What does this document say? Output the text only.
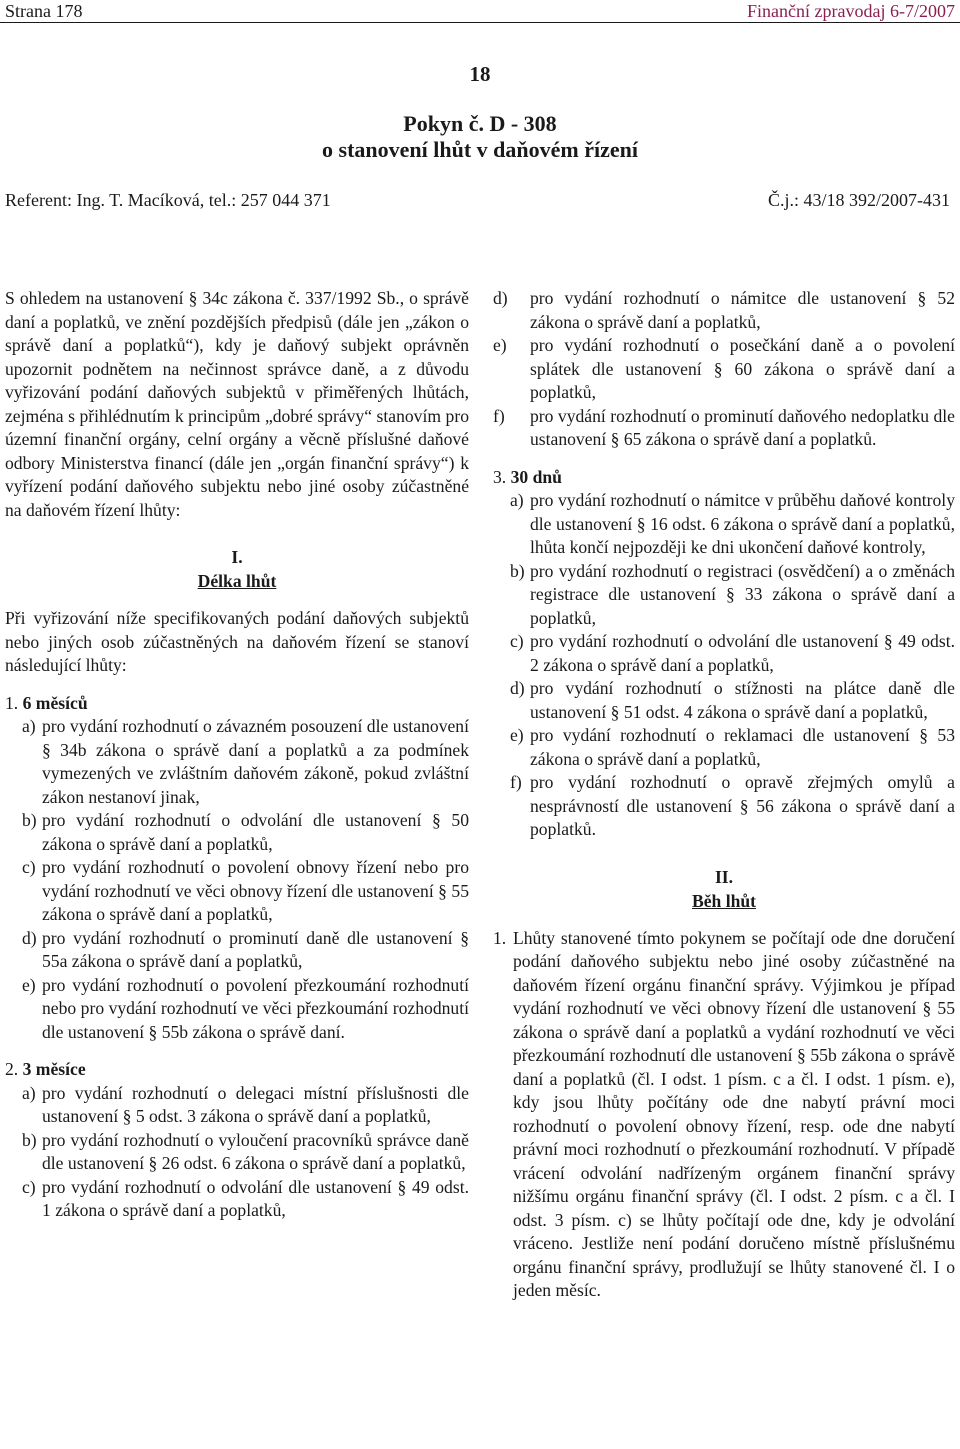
Strana 178	Finanční zpravodaj 6-7/2007
18
Pokyn č. D - 308
o stanovení lhůt v daňovém řízení
Referent: Ing. T. Macíková, tel.: 257 044 371	Č.j.: 43/18 392/2007-431

S ohledem na ustanovení § 34c zákona č. 337/1992 Sb., o správě daní a poplatků, ve znění pozdějších předpisů (dále jen „zákon o správě daní a poplatků“), kdy je daňový subjekt oprávněn upozornit podnětem na nečinnost správce daně, a z důvodu vyřizování podání daňových subjektů v přiměřených lhůtách, zejména s přihlédnutím k principům „dobré správy“ stanovím pro územní finanční orgány, celní orgány a věcně příslušné daňové odbory Ministerstva financí (dále jen „orgán finanční správy“) k vyřízení podání daňového subjektu nebo jiné osoby zúčastněné na daňovém řízení lhůty:

I.
Délka lhůt

Při vyřizování níže specifikovaných podání daňových subjektů nebo jiných osob zúčastněných na daňovém řízení se stanoví následující lhůty:

1. 6 měsíců
a) pro vydání rozhodnutí o závazném posouzení dle ustanovení § 34b zákona o správě daní a poplatků a za podmínek vymezených ve zvláštním daňovém zákoně, pokud zvláštní zákon nestanoví jinak,
b) pro vydání rozhodnutí o odvolání dle ustanovení § 50 zákona o správě daní a poplatků,
c) pro vydání rozhodnutí o povolení obnovy řízení nebo pro vydání rozhodnutí ve věci obnovy řízení dle ustanovení § 55 zákona o správě daní a poplatků,
d) pro vydání rozhodnutí o prominutí daně dle ustanovení § 55a zákona o správě daní a poplatků,
e) pro vydání rozhodnutí o povolení přezkoumání rozhodnutí nebo pro vydání rozhodnutí ve věci přezkoumání rozhodnutí dle ustanovení § 55b zákona o správě daní.
2. 3 měsíce
a) pro vydání rozhodnutí o delegaci místní příslušnosti dle ustanovení § 5 odst. 3 zákona o správě daní a poplatků,
b) pro vydání rozhodnutí o vyloučení pracovníků správce daně dle ustanovení § 26 odst. 6 zákona o správě daní a poplatků,
c) pro vydání rozhodnutí o odvolání dle ustanovení § 49 odst. 1 zákona o správě daní a poplatků,
d)	pro vydání rozhodnutí o námitce dle ustanovení § 52 zákona o správě daní a poplatků,
e)	pro vydání rozhodnutí o posečkání daně a o povolení splátek dle ustanovení § 60 zákona o správě daní a poplatků,
f)	pro vydání rozhodnutí o prominutí daňového nedoplatku dle ustanovení § 65 zákona o správě daní a poplatků.
3. 30 dnů
a) pro vydání rozhodnutí o námitce v průběhu daňové kontroly dle ustanovení § 16 odst. 6 zákona o správě daní a poplatků, lhůta končí nejpozději ke dni ukončení daňové kontroly,
b) pro vydání rozhodnutí o registraci (osvědčení) a o změnách registrace dle ustanovení § 33 zákona o správě daní a poplatků,
c) pro vydání rozhodnutí o odvolání dle ustanovení § 49 odst. 2 zákona o správě daní a poplatků,
d) pro vydání rozhodnutí o stížnosti na plátce daně dle ustanovení § 51 odst. 4 zákona o správě daní a poplatků,
e) pro vydání rozhodnutí o reklamaci dle ustanovení § 53 zákona o správě daní a poplatků,
f) pro vydání rozhodnutí o opravě zřejmých omylů a nesprávností dle ustanovení § 56 zákona o správě daní a poplatků.
II.
Běh lhůt
1. Lhůty stanovené tímto pokynem se počítají ode dne doručení podání daňového subjektu nebo jiné osoby zúčastněné na daňovém řízení orgánu finanční správy. Výjimkou je případ vydání rozhodnutí ve věci obnovy řízení dle ustanovení § 55 zákona o správě daní a poplatků a vydání rozhodnutí ve věci přezkoumání rozhodnutí dle ustanovení § 55b zákona o správě daní a poplatků (čl. I odst. 1 písm. c a čl. I odst. 1 písm. e), kdy jsou lhůty počítány ode dne nabytí právní moci rozhodnutí o povolení obnovy řízení, resp. ode dne nabytí právní moci rozhodnutí o přezkoumání rozhodnutí. V případě vrácení odvolání nadřízeným orgánem finanční správy nižšímu orgánu finanční správy (čl. I odst. 2 písm. c a čl. I odst. 3 písm. c) se lhůty počítají ode dne, kdy je odvolání vráceno. Jestliže není podání doručeno místně příslušnému orgánu finanční správy, prodlužují se lhůty stanovené čl. I o jeden měsíc.
